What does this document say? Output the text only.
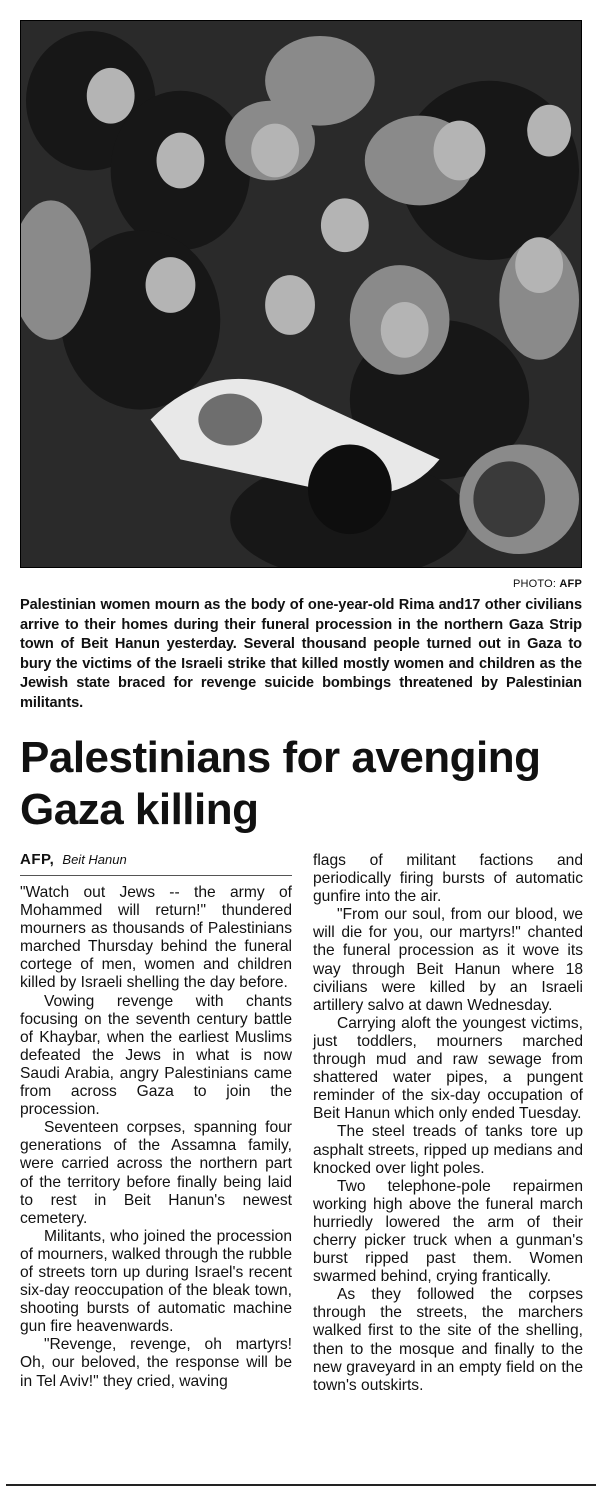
PHOTO: AFP
Palestinian women mourn as the body of one-year-old Rima and17 other civilians arrive to their homes during their funeral procession in the northern Gaza Strip town of Beit Hanun yesterday. Several thousand people turned out in Gaza to bury the victims of the Israeli strike that killed mostly women and children as the Jewish state braced for revenge suicide bombings threatened by Palestinian militants.
Palestinians for avenging Gaza killing
AFP, Beit Hanun

"Watch out Jews -- the army of Mohammed will return!" thundered mourners as thousands of Palestinians marched Thursday behind the funeral cortege of men, women and children killed by Israeli shelling the day before.

Vowing revenge with chants focusing on the seventh century battle of Khaybar, when the earliest Muslims defeated the Jews in what is now Saudi Arabia, angry Palestinians came from across Gaza to join the procession.

Seventeen corpses, spanning four generations of the Assamna family, were carried across the northern part of the territory before finally being laid to rest in Beit Hanun's newest cemetery.

Militants, who joined the procession of mourners, walked through the rubble of streets torn up during Israel's recent six-day reoccupation of the bleak town, shooting bursts of automatic machine gun fire heavenwards.

"Revenge, revenge, oh martyrs! Oh, our beloved, the response will be in Tel Aviv!" they cried, waving

flags of militant factions and periodically firing bursts of automatic gunfire into the air.

"From our soul, from our blood, we will die for you, our martyrs!" chanted the funeral procession as it wove its way through Beit Hanun where 18 civilians were killed by an Israeli artillery salvo at dawn Wednesday.

Carrying aloft the youngest victims, just toddlers, mourners marched through mud and raw sewage from shattered water pipes, a pungent reminder of the six-day occupation of Beit Hanun which only ended Tuesday.

The steel treads of tanks tore up asphalt streets, ripped up medians and knocked over light poles.

Two telephone-pole repairmen working high above the funeral march hurriedly lowered the arm of their cherry picker truck when a gunman's burst ripped past them. Women swarmed behind, crying frantically.

As they followed the corpses through the streets, the marchers walked first to the site of the shelling, then to the mosque and finally to the new graveyard in an empty field on the town's outskirts.
